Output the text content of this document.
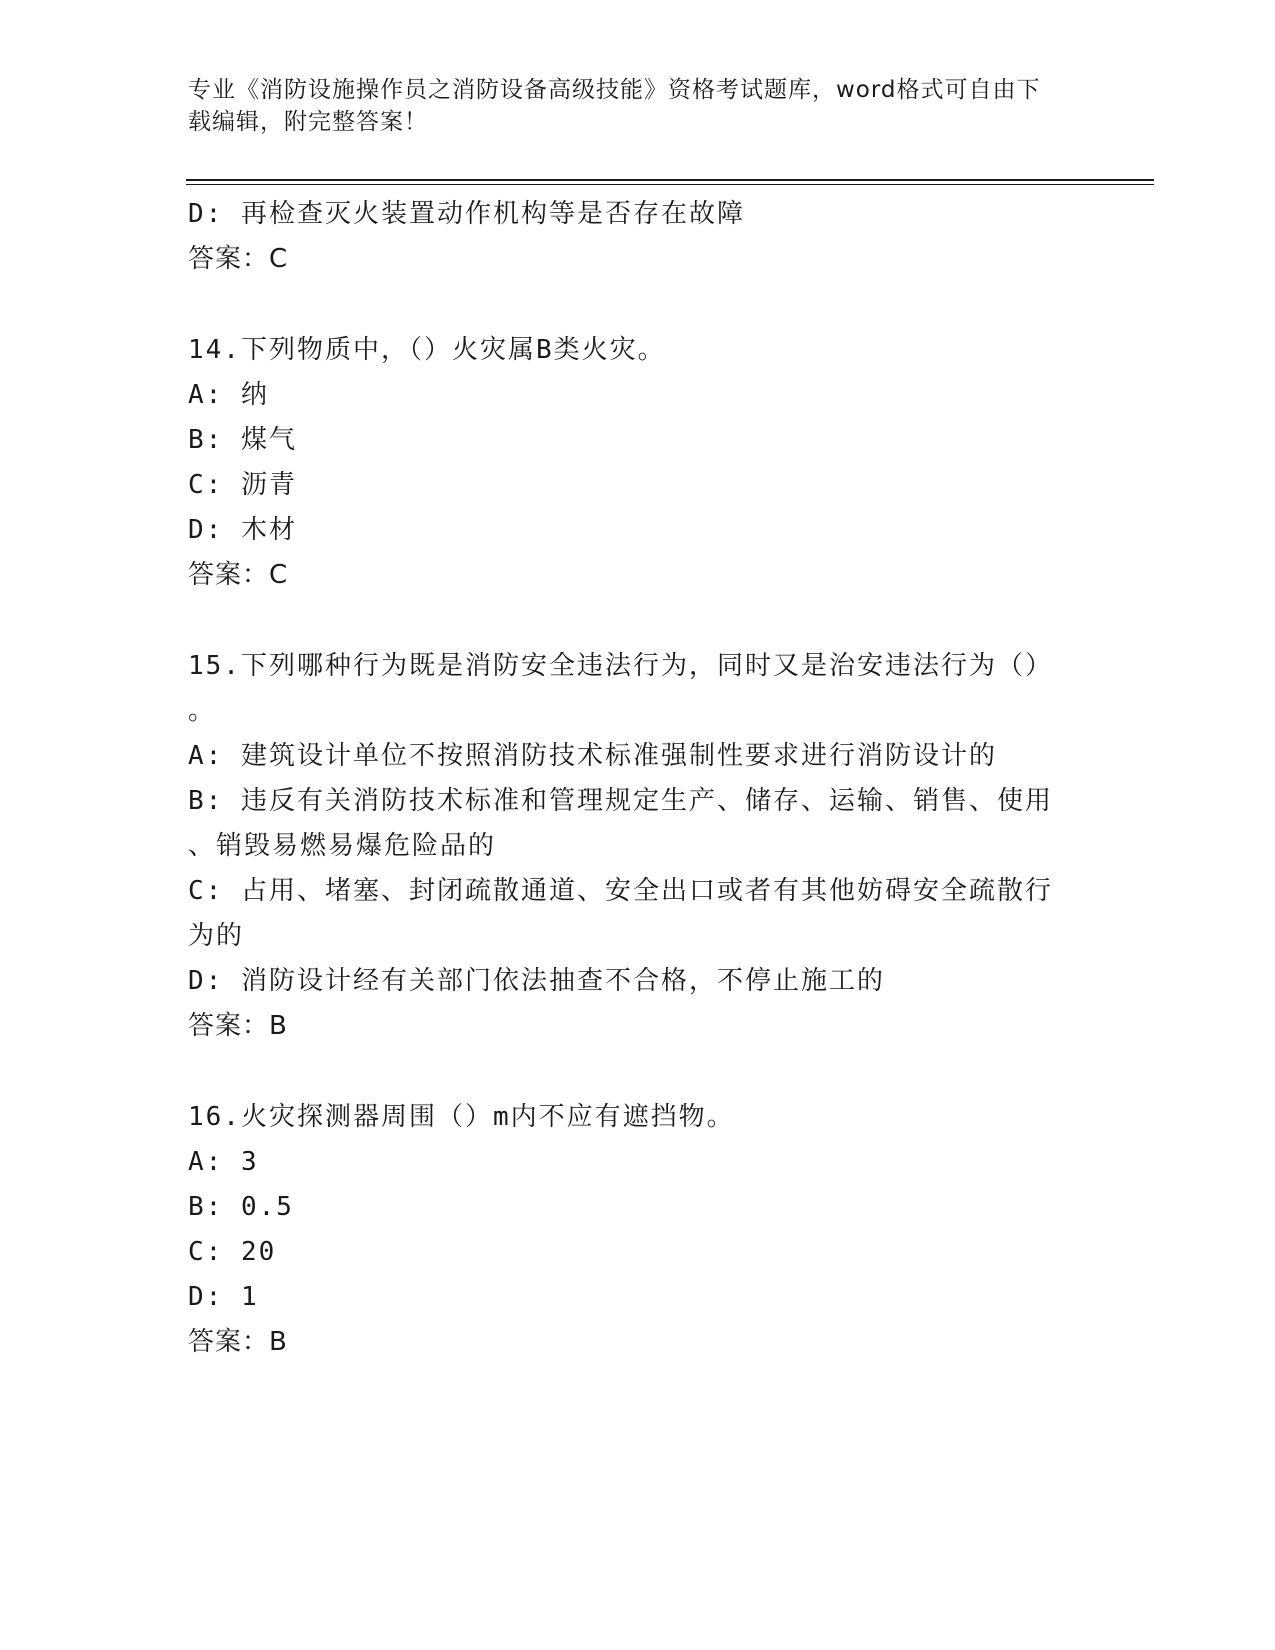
专业《消防设施操作员之消防设备高级技能》资格考试题库，word格式可自由下
载编辑，附完整答案！
D: 再检查灭火装置动作机构等是否存在故障
答案：C
14.下列物质中，（）火灾属B类火灾。
A: 纳
B: 煤气
C: 沥青
D: 木材
答案：C
15.下列哪种行为既是消防安全违法行为，同时又是治安违法行为（）
。
A: 建筑设计单位不按照消防技术标准强制性要求进行消防设计的
B: 违反有关消防技术标准和管理规定生产、储存、运输、销售、使用
、销毁易燃易爆危险品的
C: 占用、堵塞、封闭疏散通道、安全出口或者有其他妨碍安全疏散行
为的
D: 消防设计经有关部门依法抽查不合格，不停止施工的
答案：B
16.火灾探测器周围（）m内不应有遮挡物。
A: 3
B: 0.5
C: 20
D: 1
答案：B
